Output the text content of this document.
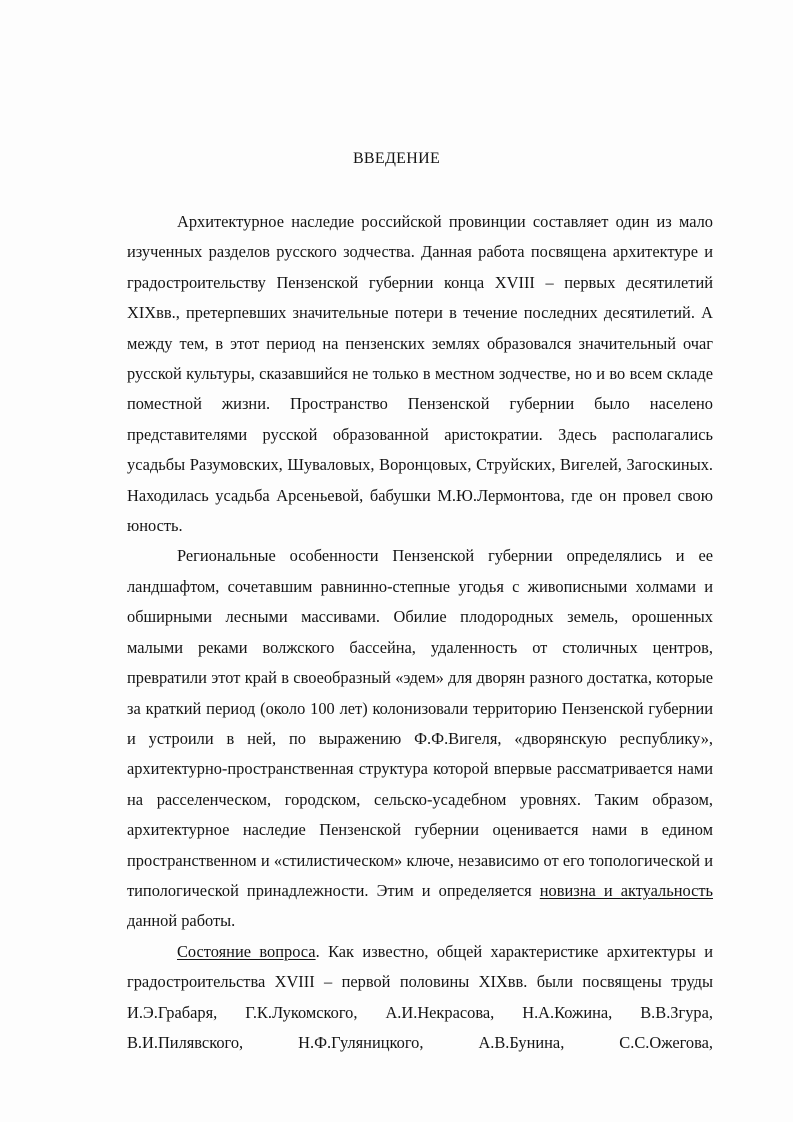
ВВЕДЕНИЕ

Архитектурное наследие российской провинции составляет один из мало изученных разделов русского зодчества. Данная работа посвящена архитектуре и градостроительству Пензенской губернии конца XVIII – первых десятилетий XIXвв., претерпевших значительные потери в течение последних десятилетий. А между тем, в этот период на пензенских землях образовался значительный очаг русской культуры, сказавшийся не только в местном зодчестве, но и во всем складе поместной жизни. Пространство Пензенской губернии было населено представителями русской образованной аристократии. Здесь располагались усадьбы Разумовских, Шуваловых, Воронцовых, Струйских, Вигелей, Загоскиных. Находилась усадьба Арсеньевой, бабушки М.Ю.Лермонтова, где он провел свою юность.

Региональные особенности Пензенской губернии определялись и ее ландшафтом, сочетавшим равнинно-степные угодья с живописными холмами и обширными лесными массивами. Обилие плодородных земель, орошенных малыми реками волжского бассейна, удаленность от столичных центров, превратили этот край в своеобразный «эдем» для дворян разного достатка, которые за краткий период (около 100 лет) колонизовали территорию Пензенской губернии и устроили в ней, по выражению Ф.Ф.Вигеля, «дворянскую республику», архитектурно-пространственная структура которой впервые рассматривается нами на расселенческом, городском, сельско-усадебном уровнях. Таким образом, архитектурное наследие Пензенской губернии оценивается нами в едином пространственном и «стилистическом» ключе, независимо от его топологической и типологической принадлежности. Этим и определяется новизна и актуальность данной работы.

Состояние вопроса. Как известно, общей характеристике архитектуры и градостроительства XVIII – первой половины XIXвв. были посвящены труды И.Э.Грабаря, Г.К.Лукомского, А.И.Некрасова, Н.А.Кожина, В.В.Згура, В.И.Пилявского, Н.Ф.Гуляницкого, А.В.Бунина, С.С.Ожегова,
